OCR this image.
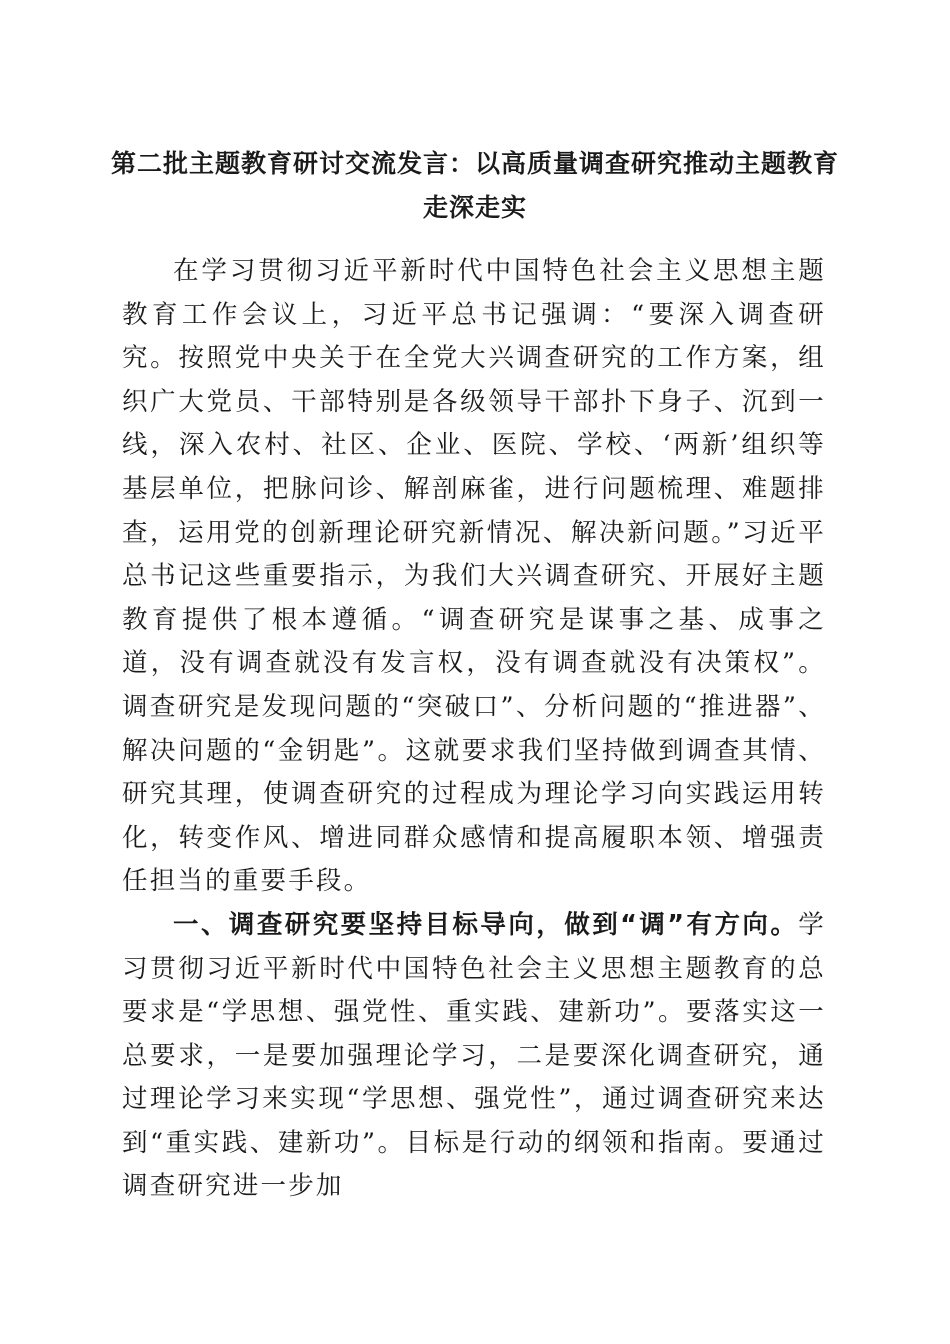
第二批主题教育研讨交流发言：以高质量调查研究推动主题教育走深走实

在学习贯彻习近平新时代中国特色社会主义思想主题教育工作会议上，习近平总书记强调：“要深入调查研究。按照党中央关于在全党大兴调查研究的工作方案，组织广大党员、干部特别是各级领导干部扑下身子、沉到一线，深入农村、社区、企业、医院、学校、‘两新’组织等基层单位，把脉问诊、解剖麻雀，进行问题梳理、难题排查，运用党的创新理论研究新情况、解决新问题。”习近平总书记这些重要指示，为我们大兴调查研究、开展好主题教育提供了根本遵循。“调查研究是谋事之基、成事之道，没有调查就没有发言权，没有调查就没有决策权”。调查研究是发现问题的“突破口”、分析问题的“推进器”、解决问题的“金钥匙”。这就要求我们坚持做到调查其情、研究其理，使调查研究的过程成为理论学习向实践运用转化，转变作风、增进同群众感情和提高履职本领、增强责任担当的重要手段。

一、调查研究要坚持目标导向，做到“调”有方向。学习贯彻习近平新时代中国特色社会主义思想主题教育的总要求是“学思想、强党性、重实践、建新功”。要落实这一总要求，一是要加强理论学习，二是要深化调查研究，通过理论学习来实现“学思想、强党性”，通过调查研究来达到“重实践、建新功”。目标是行动的纲领和指南。要通过调查研究进一步加
